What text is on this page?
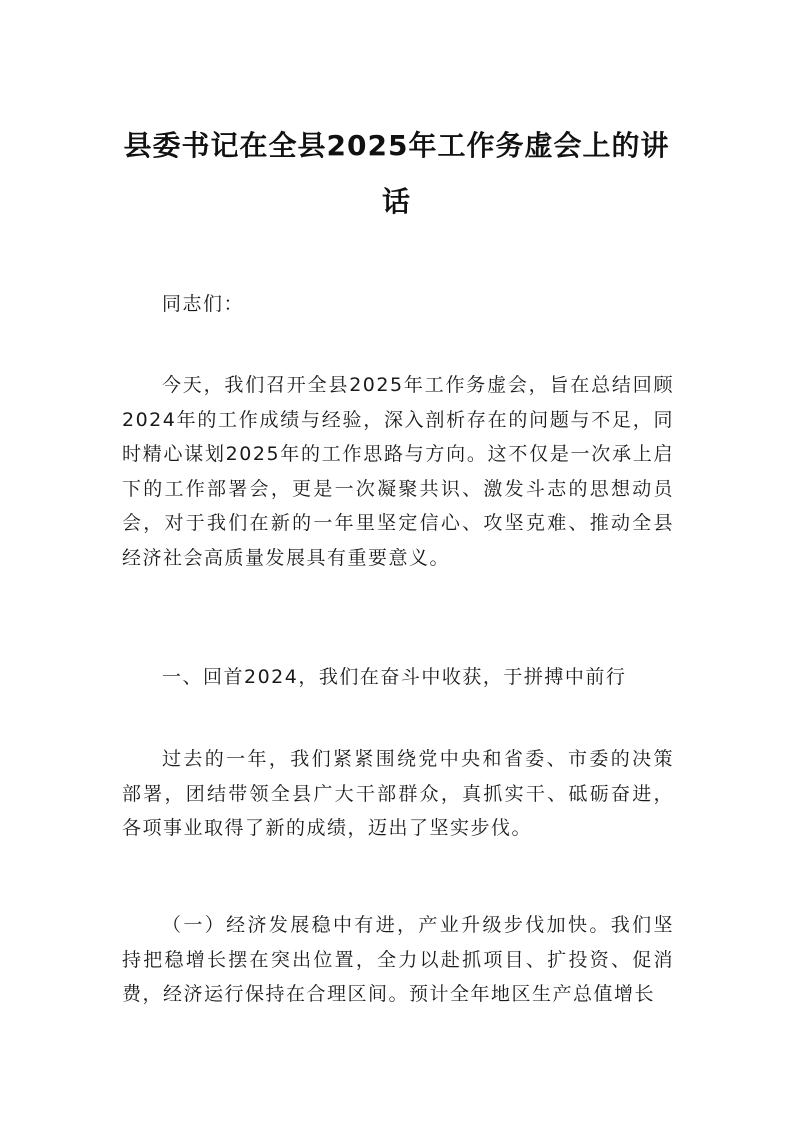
县委书记在全县2025年工作务虚会上的讲话
同志们：
今天，我们召开全县2025年工作务虚会，旨在总结回顾2024年的工作成绩与经验，深入剖析存在的问题与不足，同时精心谋划2025年的工作思路与方向。这不仅是一次承上启下的工作部署会，更是一次凝聚共识、激发斗志的思想动员会，对于我们在新的一年里坚定信心、攻坚克难、推动全县经济社会高质量发展具有重要意义。
一、回首2024，我们在奋斗中收获，于拼搏中前行
过去的一年，我们紧紧围绕党中央和省委、市委的决策部署，团结带领全县广大干部群众，真抓实干、砥砺奋进，各项事业取得了新的成绩，迈出了坚实步伐。
（一）经济发展稳中有进，产业升级步伐加快。我们坚持把稳增长摆在突出位置，全力以赴抓项目、扩投资、促消费，经济运行保持在合理区间。预计全年地区生产总值增长
